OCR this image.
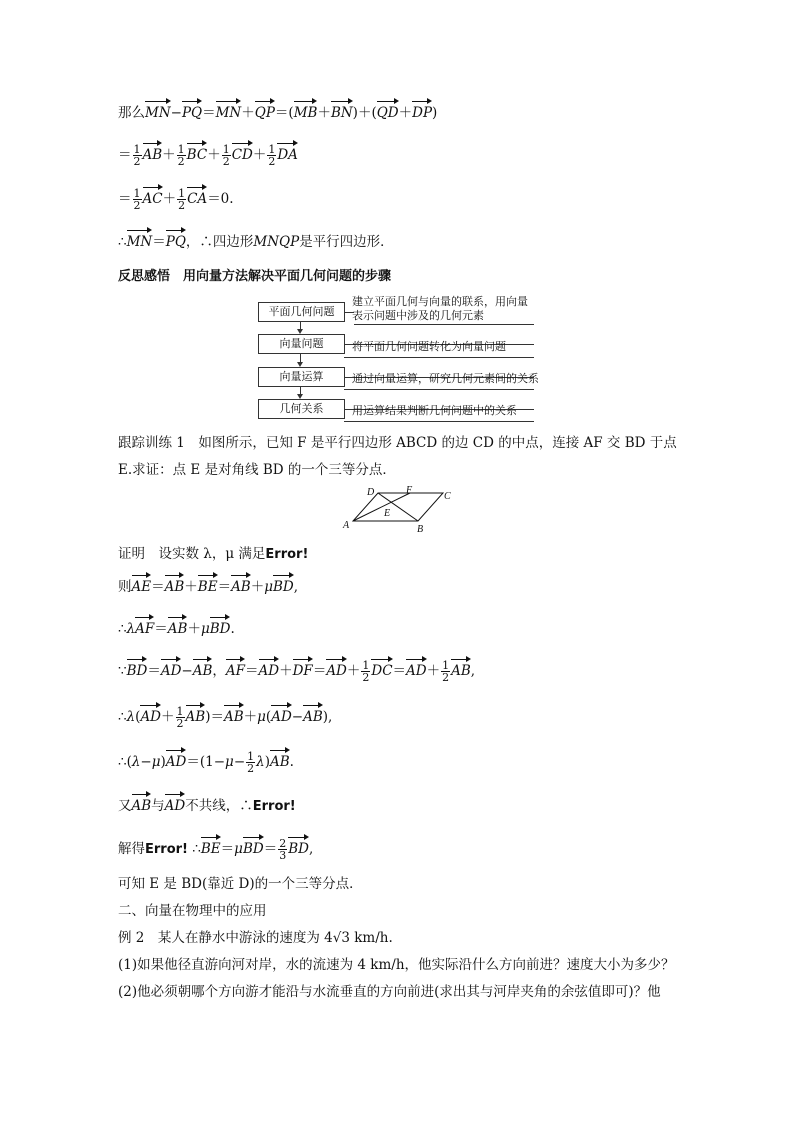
那么MN−PQ＝MN＋QP＝(MB＋BN)＋(QD＋DP)
＝ $\frac{1}{2} AB+ \frac{1}{2} BC+ \frac{1}{2} CD+ \frac{1}{2}$ DA
＝ $\frac{1}{2} AC+ \frac{1}{2} CA=0$.
∴MN＝PQ，∴四边形MNQP是平行四边形．
反思感悟　用向量方法解决平面几何问题的步骤
平面几何问题
向量问题
向量运算
几何关系
建立平面几何与向量的联系，用向量
表示问题中涉及的几何元素
将平面几何问题转化为向量问题
通过向量运算，研究几何元素间的关系
用运算结果判断几何问题中的关系
跟踪训练 1　如图所示，已知 F 是平行四边形 ABCD 的边 CD 的中点，连接 AF 交 BD 于点
E.求证：点 E 是对角线 BD 的一个三等分点．
A	B
C
D
E
F
证明　设实数 λ，μ 满足Error!
则AE＝AB＋BE＝AB＋μBD,
∴λAF＝AB＋μBD.
∵BD＝AD−AB，$AF=AD+DF=AD+ \frac{1}{2} DC=AD+ \frac{1}{2}$ AB,
∴λ(AD＋ $\frac{1}{2} AB)=AB+\mu(AD-AB)$,
∴(λ−μ)AD＝(1−μ− $\frac{1}{2} \lambda)AB$.
又AB与AD不共线，∴Error!
解得Error! ∴BE＝μBD＝ $\frac{2}{3}$ BD,
可知 E 是 BD(靠近 D)的一个三等分点．
二、向量在物理中的应用
例 2　某人在静水中游泳的速度为 4√3 km/h.
(1)如果他径直游向河对岸，水的流速为 4 km/h，他实际沿什么方向前进？速度大小为多少？
(2)他必须朝哪个方向游才能沿与水流垂直的方向前进(求出其与河岸夹角的余弦值即可)？他
